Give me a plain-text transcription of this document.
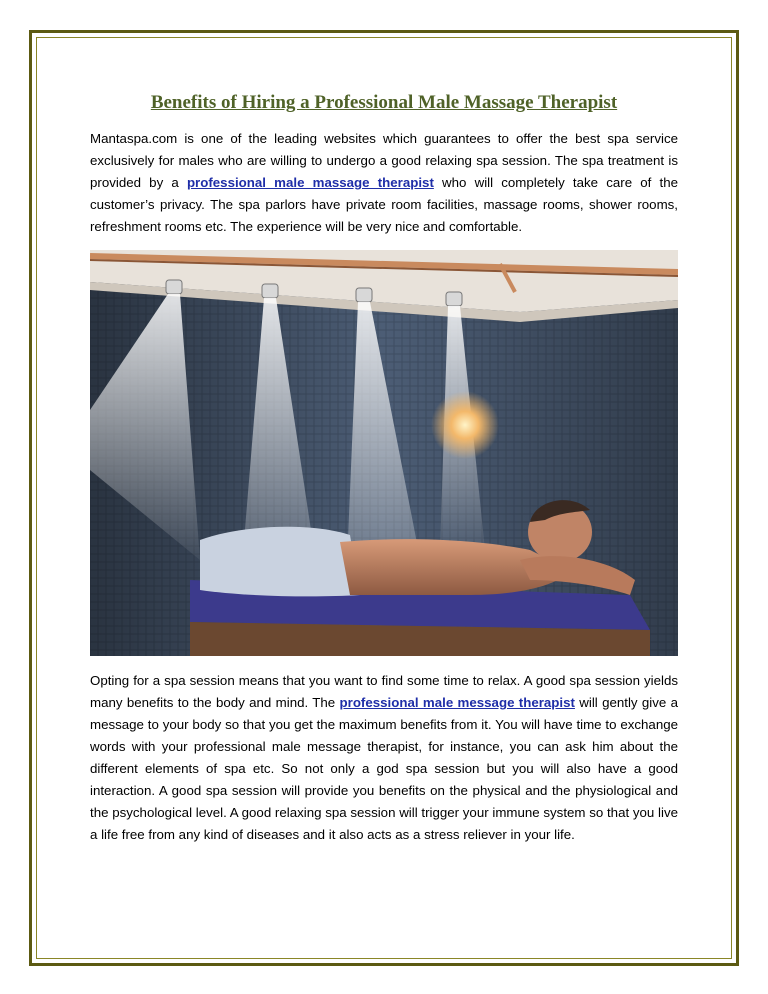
Benefits of Hiring a Professional Male Massage Therapist

Mantaspa.com is one of the leading websites which guarantees to offer the best spa service exclusively for males who are willing to undergo a good relaxing spa session. The spa treatment is provided by a professional male massage therapist who will completely take care of the customer’s privacy. The spa parlors have private room facilities, massage rooms, shower rooms, refreshment rooms etc. The experience will be very nice and comfortable.

Opting for a spa session means that you want to find some time to relax. A good spa session yields many benefits to the body and mind. The professional male message therapist will gently give a message to your body so that you get the maximum benefits from it. You will have time to exchange words with your professional male message therapist, for instance, you can ask him about the different elements of spa etc. So not only a god spa session but you will also have a good interaction. A good spa session will provide you benefits on the physical and the physiological and the psychological level. A good relaxing spa session will trigger your immune system so that you live a life free from any kind of diseases and it also acts as a stress reliever in your life.
